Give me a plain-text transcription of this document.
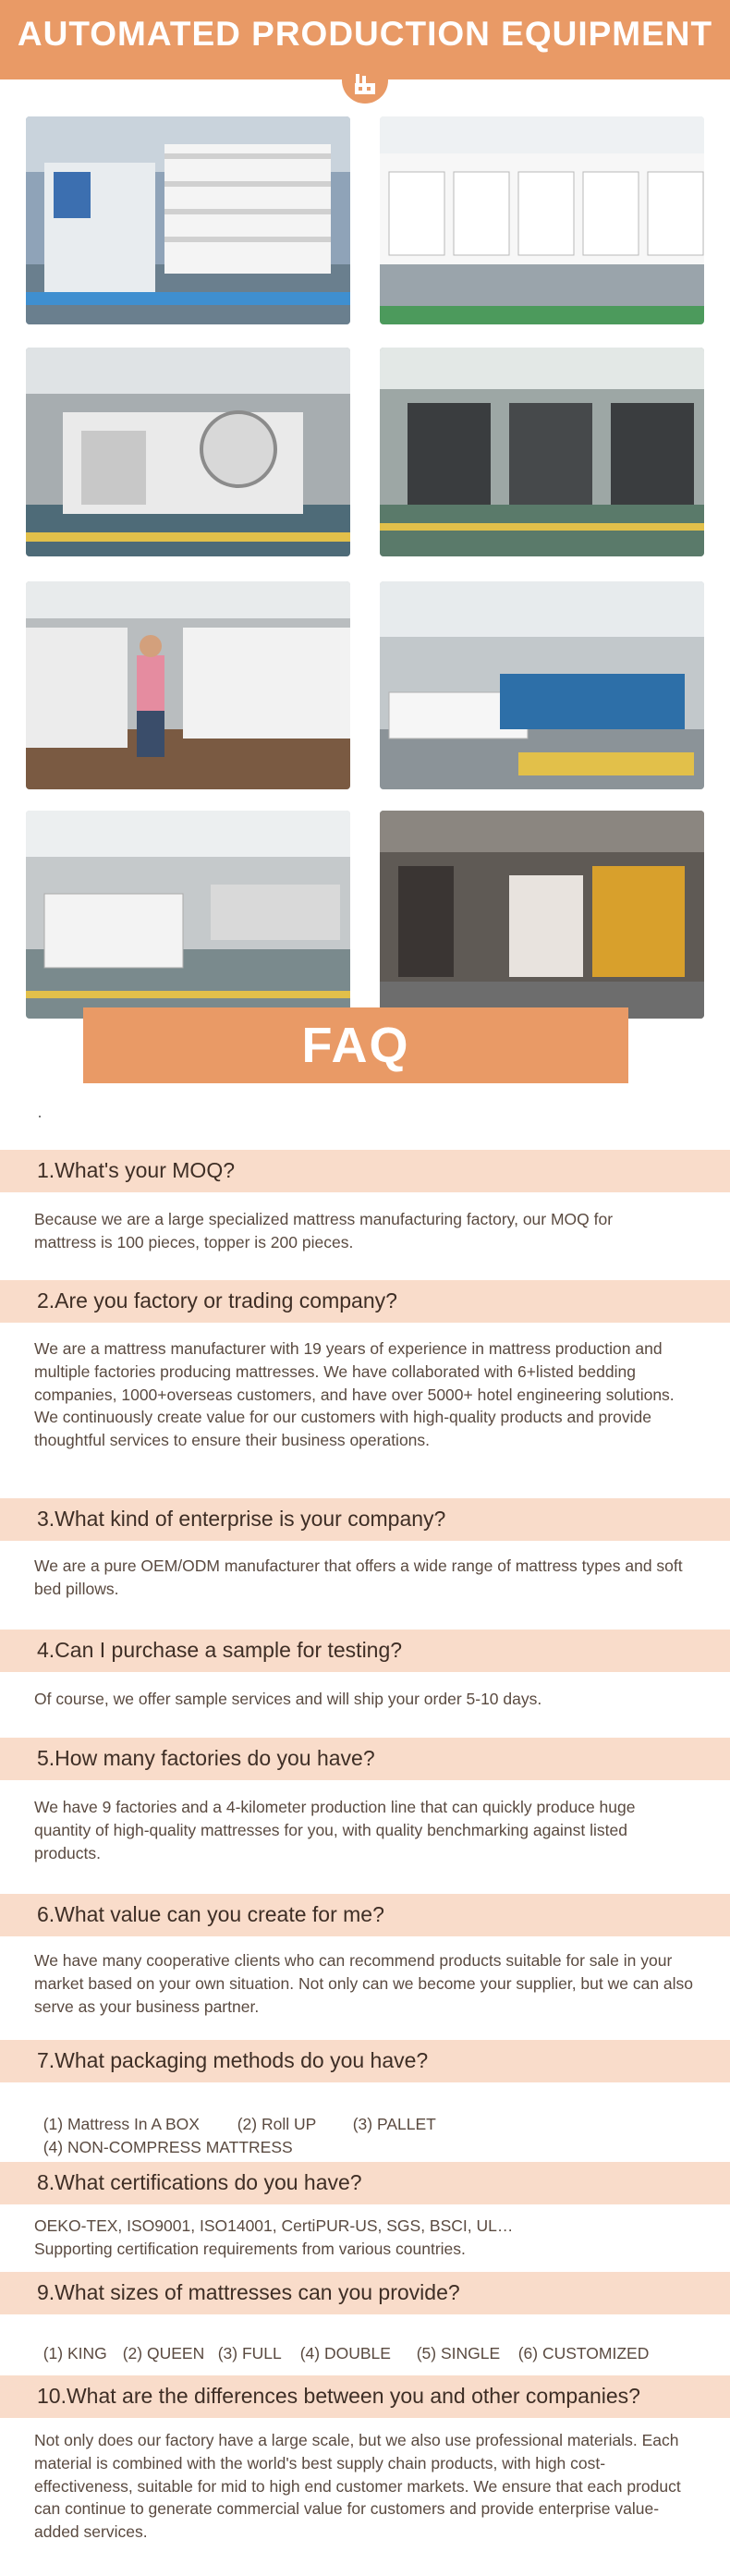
AUTOMATED PRODUCTION EQUIPMENT
FAQ
1.What's your MOQ?
Because we are a large specialized mattress manufacturing factory, our MOQ for mattress is 100 pieces, topper is 200 pieces.
2.Are you factory or trading company?
We are a mattress manufacturer with 19 years of experience in mattress production and multiple factories producing mattresses. We have collaborated with 6+listed bedding companies, 1000+overseas customers, and have over 5000+ hotel engineering solutions. We continuously create value for our customers with high-quality products and provide thoughtful services to ensure their business operations.
3.What kind of enterprise is your company?
We are a pure OEM/ODM manufacturer that offers a wide range of mattress types and soft bed pillows.
4.Can I purchase a sample for testing?
Of course, we offer sample services and will ship your order 5-10 days.
5.How many factories do you have?
We have 9 factories and a 4-kilometer production line that can quickly produce huge quantity of high-quality mattresses for you, with quality benchmarking against listed products.
6.What value can you create for me?
We have many cooperative clients who can recommend products suitable for sale in your market based on your own situation. Not only can we become your supplier, but we can also serve as your business partner.
7.What packaging methods do you have?

(1) Mattress In A BOX (2) Roll UP (3) PALLET

(4) NON-COMPRESS MATTRESS

8.What certifications do you have?
OEKO-TEX, ISO9001, ISO14001, CertiPUR-US, SGS, BSCI, UL…
Supporting certification requirements from various countries.
9.What sizes of mattresses can you provide?

(1) KING (2) QUEEN (3) FULL (4) DOUBLE (5) SINGLE (6) CUSTOMIZED

10.What are the differences between you and other companies?
Not only does our factory have a large scale, but we also use professional materials. Each material is combined with the world's best supply chain products, with high cost-effectiveness, suitable for mid to high end customer markets. We ensure that each product can continue to generate commercial value for customers and provide enterprise value-added services.
